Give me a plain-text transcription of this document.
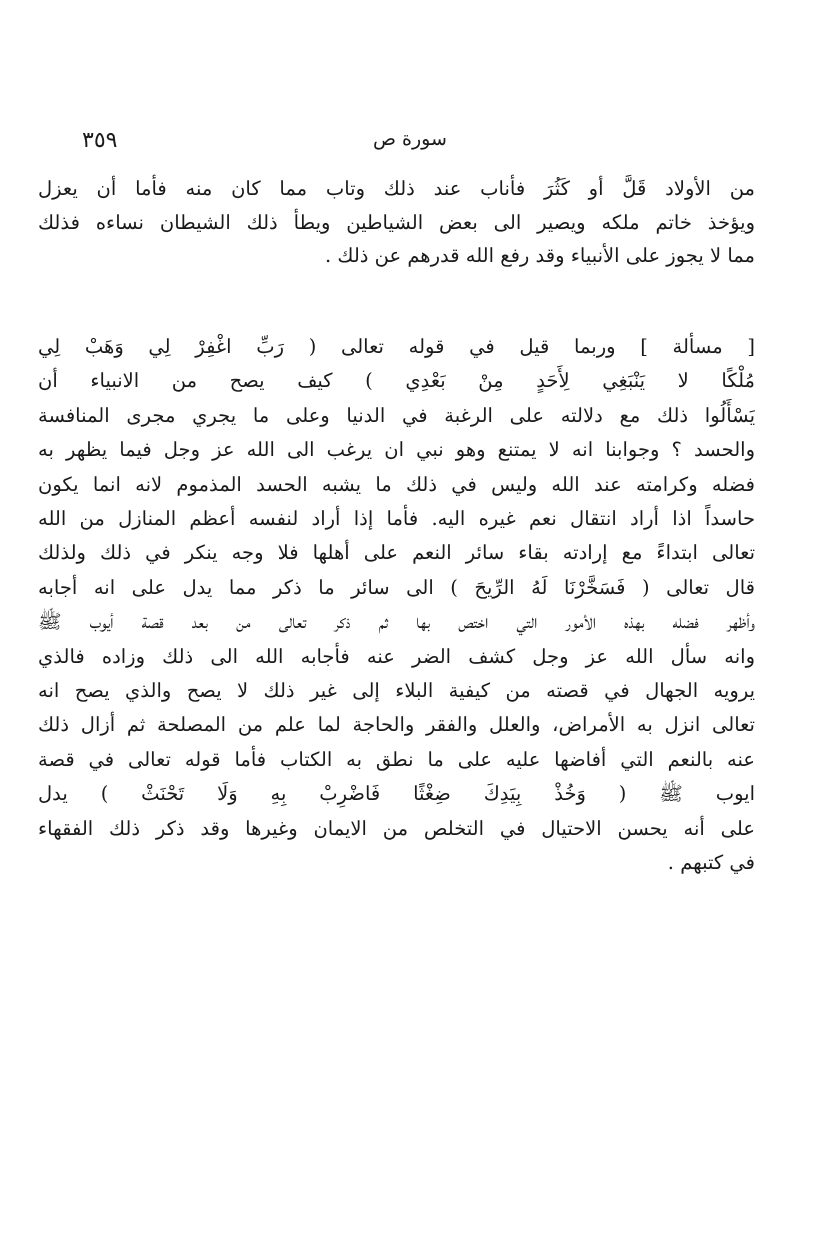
٣٥٩	سورة ص
من الأولاد قَلَّ أو كَثُرَ فأناب عند ذلك وتاب مما كان منه فأما أن يعزل
ويؤخذ خاتم ملكه ويصير الى بعض الشياطين ويطأ ذلك الشيطان نساءه فذلك
مما لا يجوز على الأنبياء وقد رفع الله قدرهم عن ذلك .
[ مسألة ] وربما قيل في قوله تعالى ( رَبِّ اغْفِرْ لِي وَهَبْ لِي
مُلْكًا لا يَنْبَغِي لِأَحَدٍ مِنْ بَعْدِي ) كيف يصح من الانبياء أن
يَسْأَلُوا ذلك مع دلالته على الرغبة في الدنيا وعلى ما يجري مجرى المنافسة
والحسد ؟ وجوابنا انه لا يمتنع وهو نبي ان يرغب الى الله عز وجل فيما يظهر به
فضله وكرامته عند الله وليس في ذلك ما يشبه الحسد المذموم لانه انما يكون
حاسداً اذا أراد انتقال نعم غيره اليه. فأما إذا أراد لنفسه أعظم المنازل من الله
تعالى ابتداءً مع إرادته بقاء سائر النعم على أهلها فلا وجه ينكر في ذلك ولذلك
قال تعالى ( فَسَخَّرْنَا لَهُ الرِّيحَ ) الى سائر ما ذكر مما يدل على انه أجابه
وأظهر فضله بهذه الأمور التي اختص بها ثم ذكر تعالى من بعد قصة أيوب ﷺ
وانه سأل الله عز وجل كشف الضر عنه فأجابه الله الى ذلك وزاده فالذي
يرويه الجهال في قصته من كيفية البلاء إلى غير ذلك لا يصح والذي يصح انه
تعالى انزل به الأمراض، والعلل والفقر والحاجة لما علم من المصلحة ثم أزال ذلك
عنه بالنعم التي أفاضها عليه على ما نطق به الكتاب فأما قوله تعالى في قصة
ايوب ﷺ ( وَخُذْ بِيَدِكَ ضِغْثًا فَاضْرِبْ بِهِ وَلَا تَحْنَثْ ) يدل
على أنه يحسن الاحتيال في التخلص من الايمان وغيرها وقد ذكر ذلك الفقهاء
في كتبهم .
